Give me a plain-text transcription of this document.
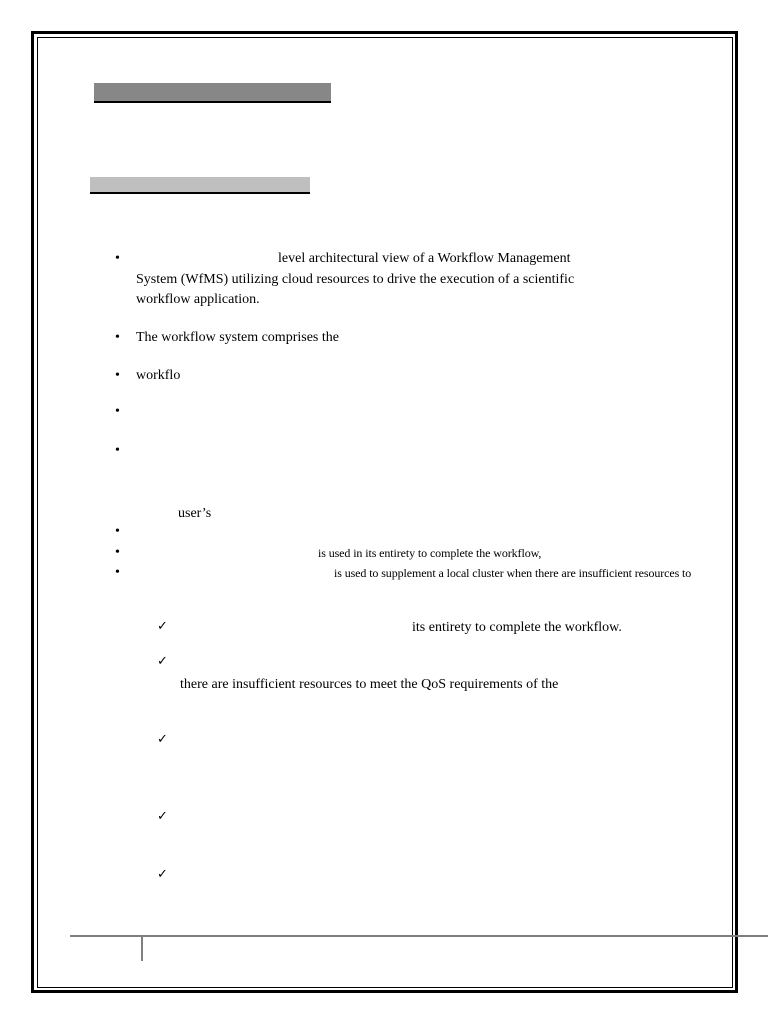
•	level architectural view of a Workflow Management
System (WfMS) utilizing cloud resources to drive the execution of a scientific
workflow application.
• The workflow system comprises the
• workflo
•
•
user’s
•
•	is used in its entirety to complete the workflow,
•	is used to supplement a local cluster when there are insufficient resources to
✓	its entirety to complete the workflow.
✓
there are insufficient resources to meet the QoS requirements of the
✓
✓
✓
